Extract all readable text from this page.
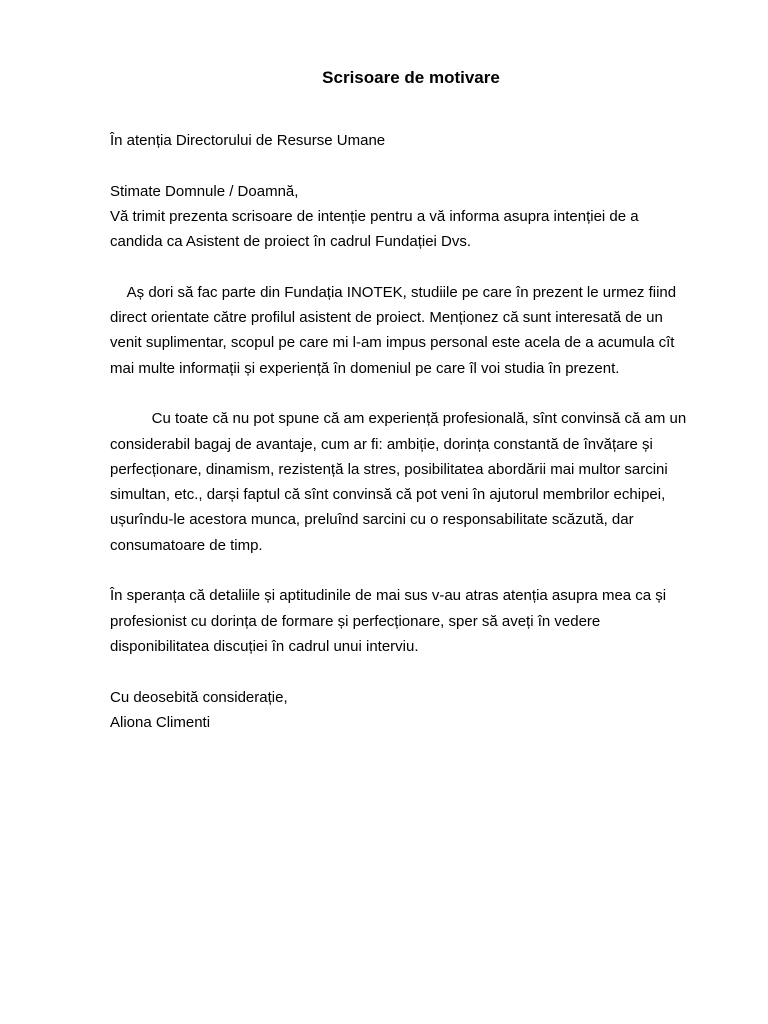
Scrisoare de motivare

În atenția Directorului de Resurse Umane

Stimate Domnule / Doamnă,

Vă trimit prezenta scrisoare de intenție pentru a vă informa asupra intenției de a

candida ca Asistent de proiect în cadrul Fundației Dvs.

Aș dori să fac parte din Fundația INOTEK, studiile pe care în prezent le urmez fiind

direct orientate către profilul asistent de proiect. Menționez că sunt interesată de un

venit suplimentar, scopul pe care mi l-am impus personal este acela de a acumula cît

mai multe informații și experiență în domeniul pe care îl voi studia în prezent.

Cu toate că nu pot spune că am experiență profesională, sînt convinsă că am un

considerabil bagaj de avantaje, cum ar fi: ambiție, dorința constantă de învățare și

perfecționare, dinamism, rezistență la stres, posibilitatea abordării mai multor sarcini

simultan, etc., darși faptul că sînt convinsă că pot veni în ajutorul membrilor echipei,

ușurîndu-le acestora munca, preluînd sarcini cu o responsabilitate scăzută, dar

consumatoare de timp.

În speranța că detaliile și aptitudinile de mai sus v-au atras atenția asupra mea ca și

profesionist cu dorința de formare și perfecționare, sper să aveți în vedere

disponibilitatea discuției în cadrul unui interviu.

Cu deosebită considerație,

Aliona Climenti
